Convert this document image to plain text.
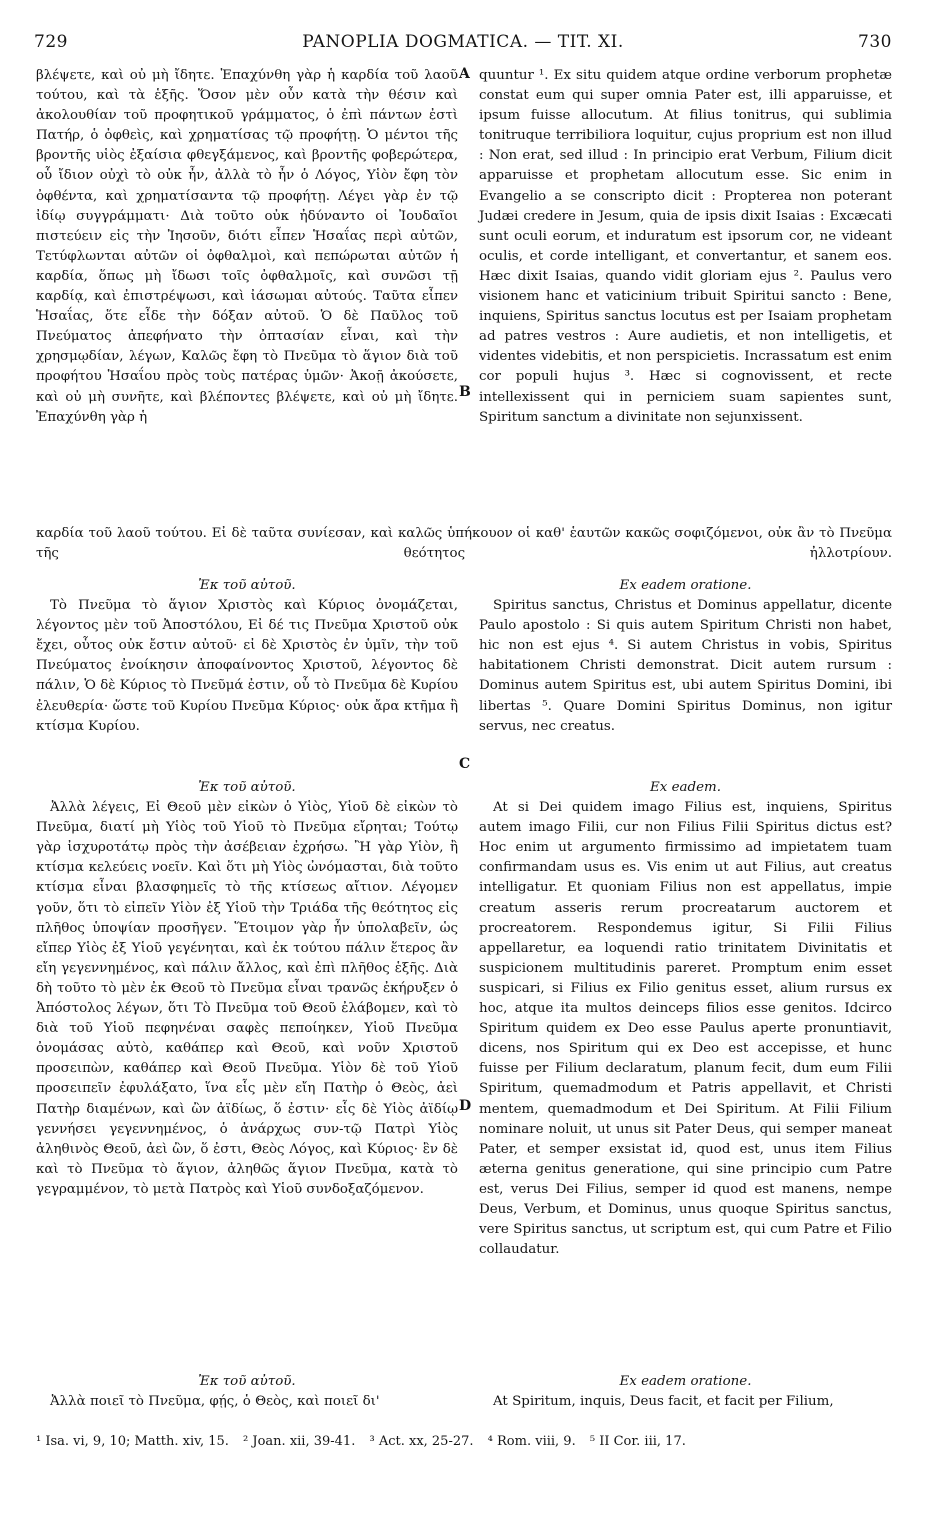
729	PANOPLIA DOGMATICA. — TIT. XI.	730

βλέψετε, καὶ οὐ μὴ ἴδητε. Ἐπαχύνθη γὰρ ἡ καρδία τοῦ λαοῦ τούτου, καὶ τὰ ἑξῆς. Ὅσον μὲν οὖν κατὰ τὴν θέσιν καὶ ἀκολουθίαν τοῦ προφητικοῦ γράμματος, ὁ ἐπὶ πάντων ἐστὶ Πατήρ, ὁ ὀφθεὶς, καὶ χρηματίσας τῷ προφήτῃ. Ὁ μέντοι τῆς βροντῆς υἱὸς ἐξαίσια φθεγξάμενος, καὶ βροντῆς φοβερώτερα, οὗ ἴδιον οὐχὶ τὸ οὐκ ἦν, ἀλλὰ τὸ ἦν ὁ Λόγος, Υἱὸν ἔφη τὸν ὀφθέντα, καὶ χρηματίσαντα τῷ προφήτῃ. Λέγει γὰρ ἐν τῷ ἰδίῳ συγγράμματι· Διὰ τοῦτο οὐκ ἠδύναντο οἱ Ἰουδαῖοι πιστεύειν εἰς τὴν Ἰησοῦν, διότι εἶπεν Ἡσαΐας περὶ αὐτῶν, Τετύφλωνται αὐτῶν οἱ ὀφθαλμοὶ, καὶ πεπώρωται αὐτῶν ἡ καρδία, ὅπως μὴ ἴδωσι τοῖς ὀφθαλμοῖς, καὶ συνῶσι τῇ καρδίᾳ, καὶ ἐπιστρέψωσι, καὶ ἰάσωμαι αὐτούς. Ταῦτα εἶπεν Ἡσαΐας, ὅτε εἶδε τὴν δόξαν αὐτοῦ. Ὁ δὲ Παῦλος τοῦ Πνεύματος ἀπεφήνατο τὴν ὀπτασίαν εἶναι, καὶ τὴν χρησμῳδίαν, λέγων, Καλῶς ἔφη τὸ Πνεῦμα τὸ ἅγιον διὰ τοῦ προφήτου Ἡσαΐου πρὸς τοὺς πατέρας ὑμῶν· Ἀκοῇ ἀκούσετε, καὶ οὐ μὴ συνῆτε, καὶ βλέποντες βλέψετε, καὶ οὐ μὴ ἴδητε. Ἐπαχύνθη γὰρ ἡ

quuntur ¹. Ex situ quidem atque ordine verborum prophetæ constat eum qui super omnia Pater est, illi apparuisse, et ipsum fuisse allocutum. At filius tonitrus, qui sublimia tonitruque terribiliora loquitur, cujus proprium est non illud : Non erat, sed illud : In principio erat Verbum, Filium dicit apparuisse et prophetam allocutum esse. Sic enim in Evangelio a se conscripto dicit : Propterea non poterant Judæi credere in Jesum, quia de ipsis dixit Isaias : Excæcati sunt oculi eorum, et induratum est ipsorum cor, ne videant oculis, et corde intelligant, et convertantur, et sanem eos. Hæc dixit Isaias, quando vidit gloriam ejus ². Paulus vero visionem hanc et vaticinium tribuit Spiritui sancto : Bene, inquiens, Spiritus sanctus locutus est per Isaiam prophetam ad patres vestros : Aure audietis, et non intelligetis, et videntes videbitis, et non perspicietis. Incrassatum est enim cor populi hujus ³. Hæc si cognovissent, et recte intellexissent qui in perniciem suam sapientes sunt, Spiritum sanctum a divinitate non sejunxissent.

καρδία τοῦ λαοῦ τούτου. Εἰ δὲ ταῦτα συνίεσαν, καὶ καλῶς ὑπήκουον οἱ καθ' ἑαυτῶν κακῶς σοφιζόμενοι, οὐκ ἂν τὸ Πνεῦμα τῆς θεότητος ἠλλοτρίουν.

Ἐκ τοῦ αὐτοῦ.

Τὸ Πνεῦμα τὸ ἅγιον Χριστὸς καὶ Κύριος ὀνομάζεται, λέγοντος μὲν τοῦ Ἀποστόλου, Εἰ δέ τις Πνεῦμα Χριστοῦ οὐκ ἔχει, οὗτος οὐκ ἔστιν αὐτοῦ· εἰ δὲ Χριστὸς ἐν ὑμῖν, τὴν τοῦ Πνεύματος ἐνοίκησιν ἀποφαίνοντος Χριστοῦ, λέγοντος δὲ πάλιν, Ὁ δὲ Κύριος τὸ Πνεῦμά ἐστιν, οὗ τὸ Πνεῦμα δὲ Κυρίου ἐλευθερία· ὥστε τοῦ Κυρίου Πνεῦμα Κύριος· οὐκ ἄρα κτῆμα ἢ κτίσμα Κυρίου.

Ex eadem oratione.

Spiritus sanctus, Christus et Dominus appellatur, dicente Paulo apostolo : Si quis autem Spiritum Christi non habet, hic non est ejus ⁴. Si autem Christus in vobis, Spiritus habitationem Christi demonstrat. Dicit autem rursum : Dominus autem Spiritus est, ubi autem Spiritus Domini, ibi libertas ⁵. Quare Domini Spiritus Dominus, non igitur servus, nec creatus.

Ἐκ τοῦ αὐτοῦ.

Ἀλλὰ λέγεις, Εἰ Θεοῦ μὲν εἰκὼν ὁ Υἱὸς, Υἱοῦ δὲ εἰκὼν τὸ Πνεῦμα, διατί μὴ Υἱὸς τοῦ Υἱοῦ τὸ Πνεῦμα εἴρηται; Τούτῳ γὰρ ἰσχυροτάτῳ πρὸς τὴν ἀσέβειαν ἐχρήσω. Ἢ γὰρ Υἱὸν, ἢ κτίσμα κελεύεις νοεῖν. Καὶ ὅτι μὴ Υἱὸς ὠνόμασται, διὰ τοῦτο κτίσμα εἶναι βλασφημεῖς τὸ τῆς κτίσεως αἴτιον. Λέγομεν γοῦν, ὅτι τὸ εἰπεῖν Υἱὸν ἐξ Υἱοῦ τὴν Τριάδα τῆς θεότητος εἰς πλῆθος ὑποψίαν προσῆγεν. Ἕτοιμον γὰρ ἦν ὑπολαβεῖν, ὡς εἴπερ Υἱὸς ἐξ Υἱοῦ γεγένηται, καὶ ἐκ τούτου πάλιν ἕτερος ἂν εἴη γεγεννημένος, καὶ πάλιν ἄλλος, καὶ ἐπὶ πλῆθος ἑξῆς. Διὰ δὴ τοῦτο τὸ μὲν ἐκ Θεοῦ τὸ Πνεῦμα εἶναι τρανῶς ἐκήρυξεν ὁ Ἀπόστολος λέγων, ὅτι Τὸ Πνεῦμα τοῦ Θεοῦ ἐλάβομεν, καὶ τὸ διὰ τοῦ Υἱοῦ πεφηνέναι σαφὲς πεποίηκεν, Υἱοῦ Πνεῦμα ὀνομάσας αὐτὸ, καθάπερ καὶ Θεοῦ, καὶ νοῦν Χριστοῦ προσειπὼν, καθάπερ καὶ Θεοῦ Πνεῦμα. Υἱὸν δὲ τοῦ Υἱοῦ προσειπεῖν ἐφυλάξατο, ἵνα εἷς μὲν εἴη Πατὴρ ὁ Θεὸς, ἀεὶ Πατὴρ διαμένων, καὶ ὢν ἀϊδίως, ὅ ἐστιν· εἷς δὲ Υἱὸς ἀϊδίῳ γεννήσει γεγεννημένος, ὁ ἀνάρχως συν-τῷ Πατρὶ Υἱὸς ἀληθινὸς Θεοῦ, ἀεὶ ὢν, ὅ ἐστι, Θεὸς Λόγος, καὶ Κύριος· ἓν δὲ καὶ τὸ Πνεῦμα τὸ ἅγιον, ἀληθῶς ἅγιον Πνεῦμα, κατὰ τὸ γεγραμμένον, τὸ μετὰ Πατρὸς καὶ Υἱοῦ συνδοξαζόμενον.

Ex eadem.

At si Dei quidem imago Filius est, inquiens, Spiritus autem imago Filii, cur non Filius Filii Spiritus dictus est? Hoc enim ut argumento firmissimo ad impietatem tuam confirmandam usus es. Vis enim ut aut Filius, aut creatus intelligatur. Et quoniam Filius non est appellatus, impie creatum asseris rerum procreatarum auctorem et procreatorem. Respondemus igitur, Si Filii Filius appellaretur, ea loquendi ratio trinitatem Divinitatis et suspicionem multitudinis pareret. Promptum enim esset suspicari, si Filius ex Filio genitus esset, alium rursus ex hoc, atque ita multos deinceps filios esse genitos. Idcirco Spiritum quidem ex Deo esse Paulus aperte pronuntiavit, dicens, nos Spiritum qui ex Deo est accepisse, et hunc fuisse per Filium declaratum, planum fecit, dum eum Filii Spiritum, quemadmodum et Patris appellavit, et Christi mentem, quemadmodum et Dei Spiritum. At Filii Filium nominare noluit, ut unus sit Pater Deus, qui semper maneat Pater, et semper exsistat id, quod est, unus item Filius æterna genitus generatione, qui sine principio cum Patre est, verus Dei Filius, semper id quod est manens, nempe Deus, Verbum, et Dominus, unus quoque Spiritus sanctus, vere Spiritus sanctus, ut scriptum est, qui cum Patre et Filio collaudatur.

Ἐκ τοῦ αὐτοῦ.

Ἀλλὰ ποιεῖ τὸ Πνεῦμα, φῄς, ὁ Θεὸς, καὶ ποιεῖ δι'

Ex eadem oratione.

At Spiritum, inquis, Deus facit, et facit per Filium,

A
B
C
D
¹ Isa. vi, 9, 10; Matth. xiv, 15. ² Joan. xii, 39-41. ³ Act. xx, 25-27. ⁴ Rom. viii, 9. ⁵ II Cor. iii, 17.
